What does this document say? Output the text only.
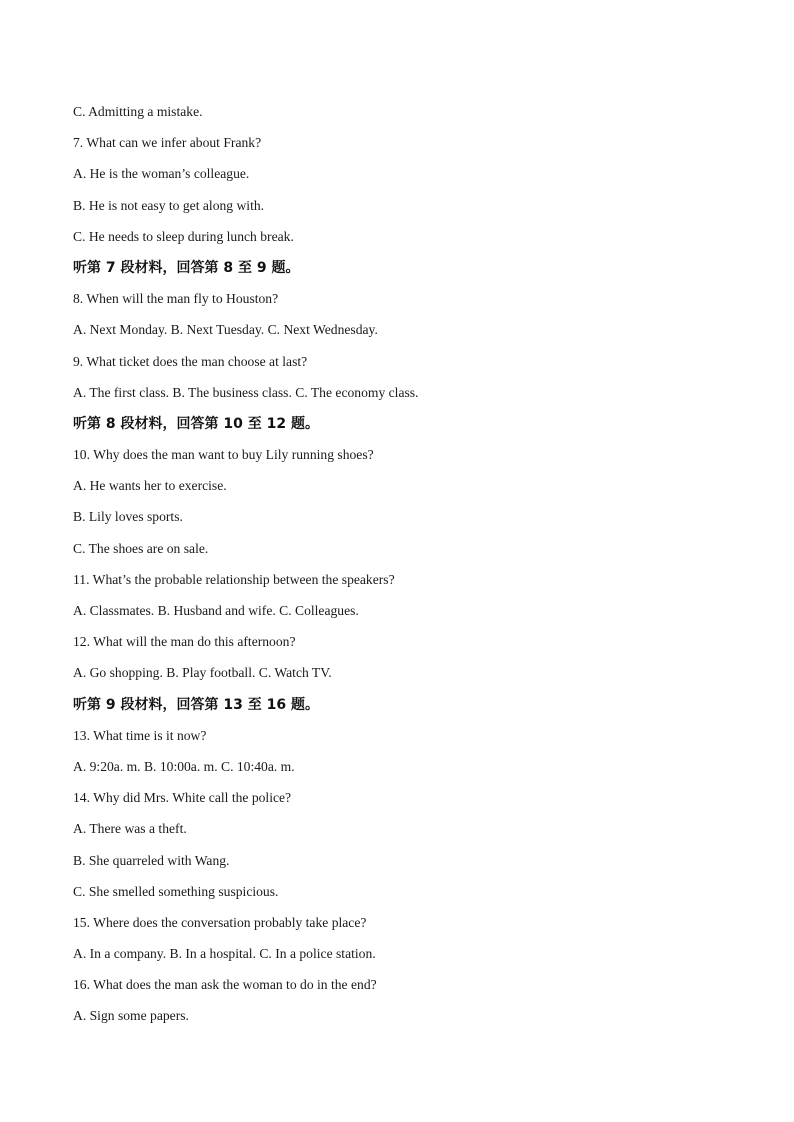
C. Admitting a mistake.
7. What can we infer about Frank?
A. He is the woman’s colleague.
B. He is not easy to get along with.
C. He needs to sleep during lunch break.
听第 7 段材料，回答第 8 至 9 题。
8. When will the man fly to Houston?
A. Next Monday. B. Next Tuesday. C. Next Wednesday.
9. What ticket does the man choose at last?
A. The first class. B. The business class. C. The economy class.
听第 8 段材料，回答第 10 至 12 题。
10. Why does the man want to buy Lily running shoes?
A. He wants her to exercise.
B. Lily loves sports.
C. The shoes are on sale.
11. What’s the probable relationship between the speakers?
A. Classmates. B. Husband and wife. C. Colleagues.
12. What will the man do this afternoon?
A. Go shopping. B. Play football. C. Watch TV.
听第 9 段材料，回答第 13 至 16 题。
13. What time is it now?
A. 9:20a. m. B. 10:00a. m. C. 10:40a. m.
14. Why did Mrs. White call the police?
A. There was a theft.
B. She quarreled with Wang.
C. She smelled something suspicious.
15. Where does the conversation probably take place?
A. In a company. B. In a hospital. C. In a police station.
16. What does the man ask the woman to do in the end?
A. Sign some papers.
